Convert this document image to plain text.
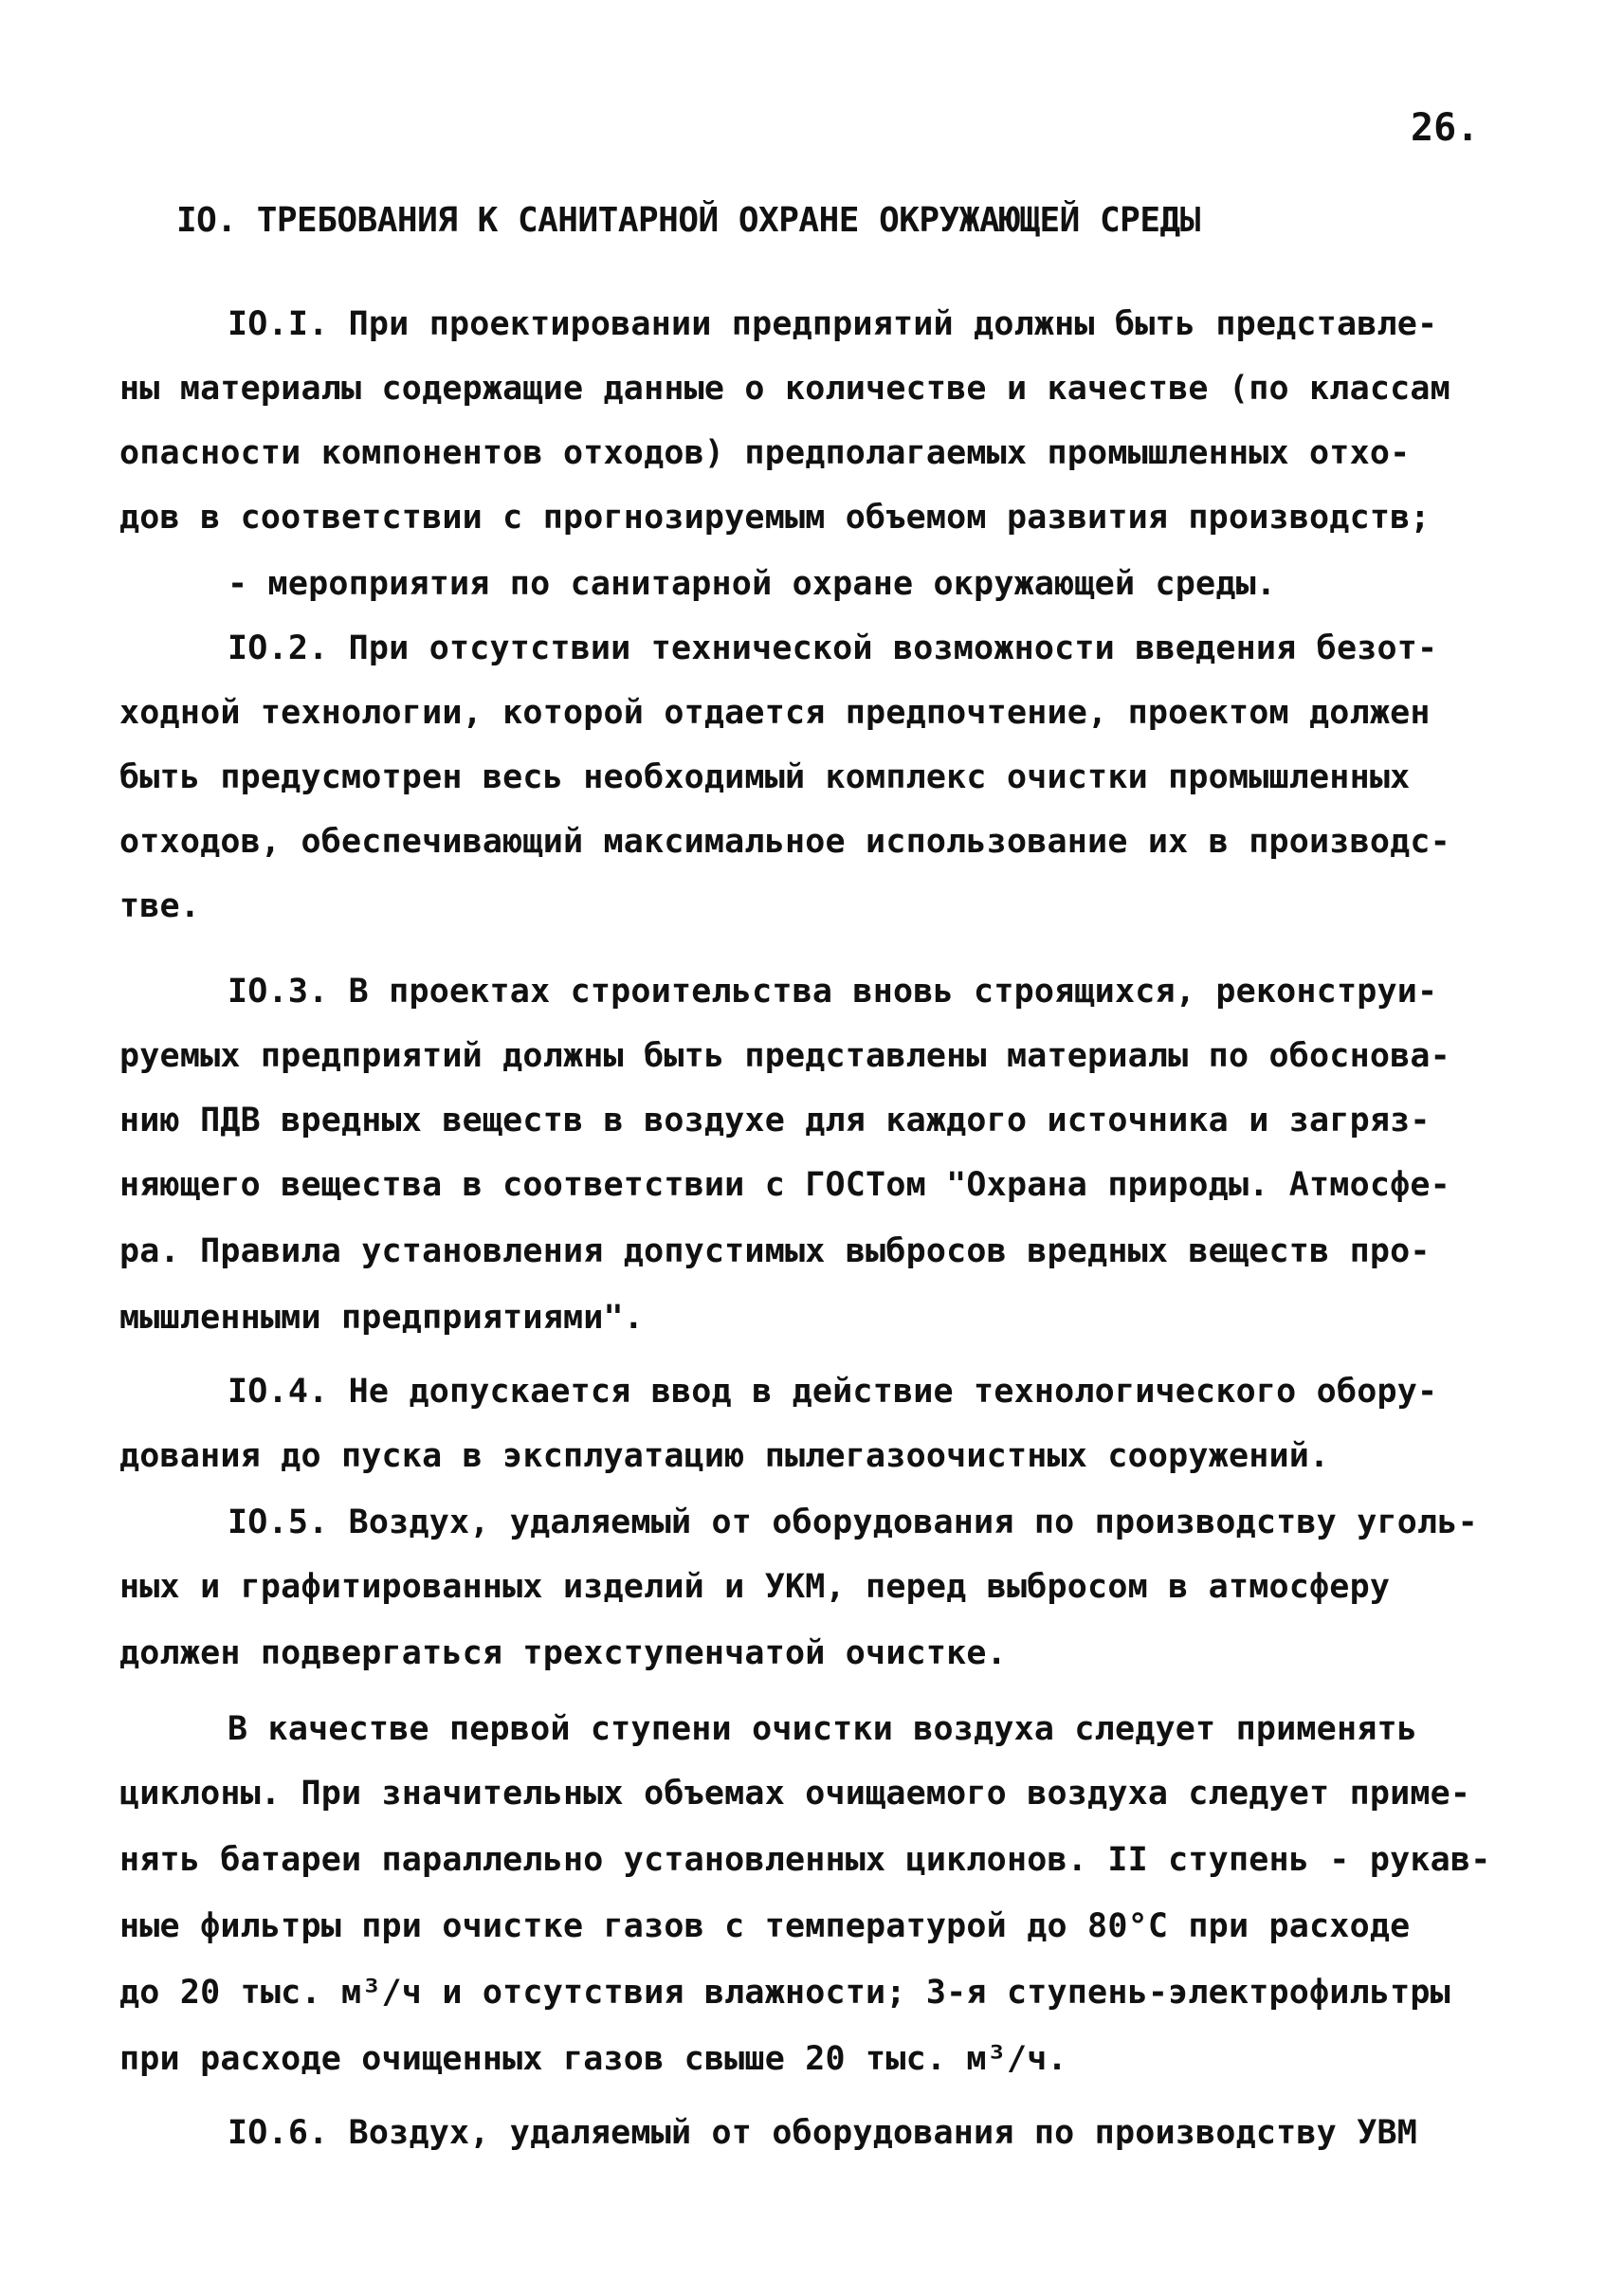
26.
IO. ТРЕБОВАНИЯ К САНИТАРНОЙ ОХРАНЕ ОКРУЖАЮЩЕЙ СРЕДЫ
IO.I. При проектировании предприятий должны быть представле-
ны материалы содержащие данные о количестве и качестве (по классам
опасности компонентов отходов) предполагаемых промышленных отхо-
дов в соответствии с прогнозируемым объемом развития производств;
- мероприятия по санитарной охране окружающей среды.
IO.2. При отсутствии технической возможности введения безот-
ходной технологии, которой отдается предпочтение, проектом должен
быть предусмотрен весь необходимый комплекс очистки промышленных
отходов, обеспечивающий максимальное использование их в производс-
тве.
IO.3. В проектах строительства вновь строящихся, реконструи-
руемых предприятий должны быть представлены материалы по обоснова-
нию ПДВ вредных веществ в воздухе для каждого источника и загряз-
няющего вещества в соответствии с ГОСТом "Охрана природы. Атмосфе-
ра. Правила установления допустимых выбросов вредных веществ про-
мышленными предприятиями".
IO.4. Не допускается ввод в действие технологического обору-
дования до пуска в эксплуатацию пылегазоочистных сооружений.
IO.5. Воздух, удаляемый от оборудования по производству уголь-
ных и графитированных изделий и УКМ, перед выбросом в атмосферу
должен подвергаться трехступенчатой очистке.
В качестве первой ступени очистки воздуха следует применять
циклоны. При значительных объемах очищаемого воздуха следует приме-
нять батареи параллельно установленных циклонов. II ступень - рукав-
ные фильтры при очистке газов с температурой до 80°С при расходе
до 20 тыс. м³/ч и отсутствия влажности; 3-я ступень-электрофильтры
при расходе очищенных газов свыше 20 тыс. м³/ч.
IO.6. Воздух, удаляемый от оборудования по производству УВМ
